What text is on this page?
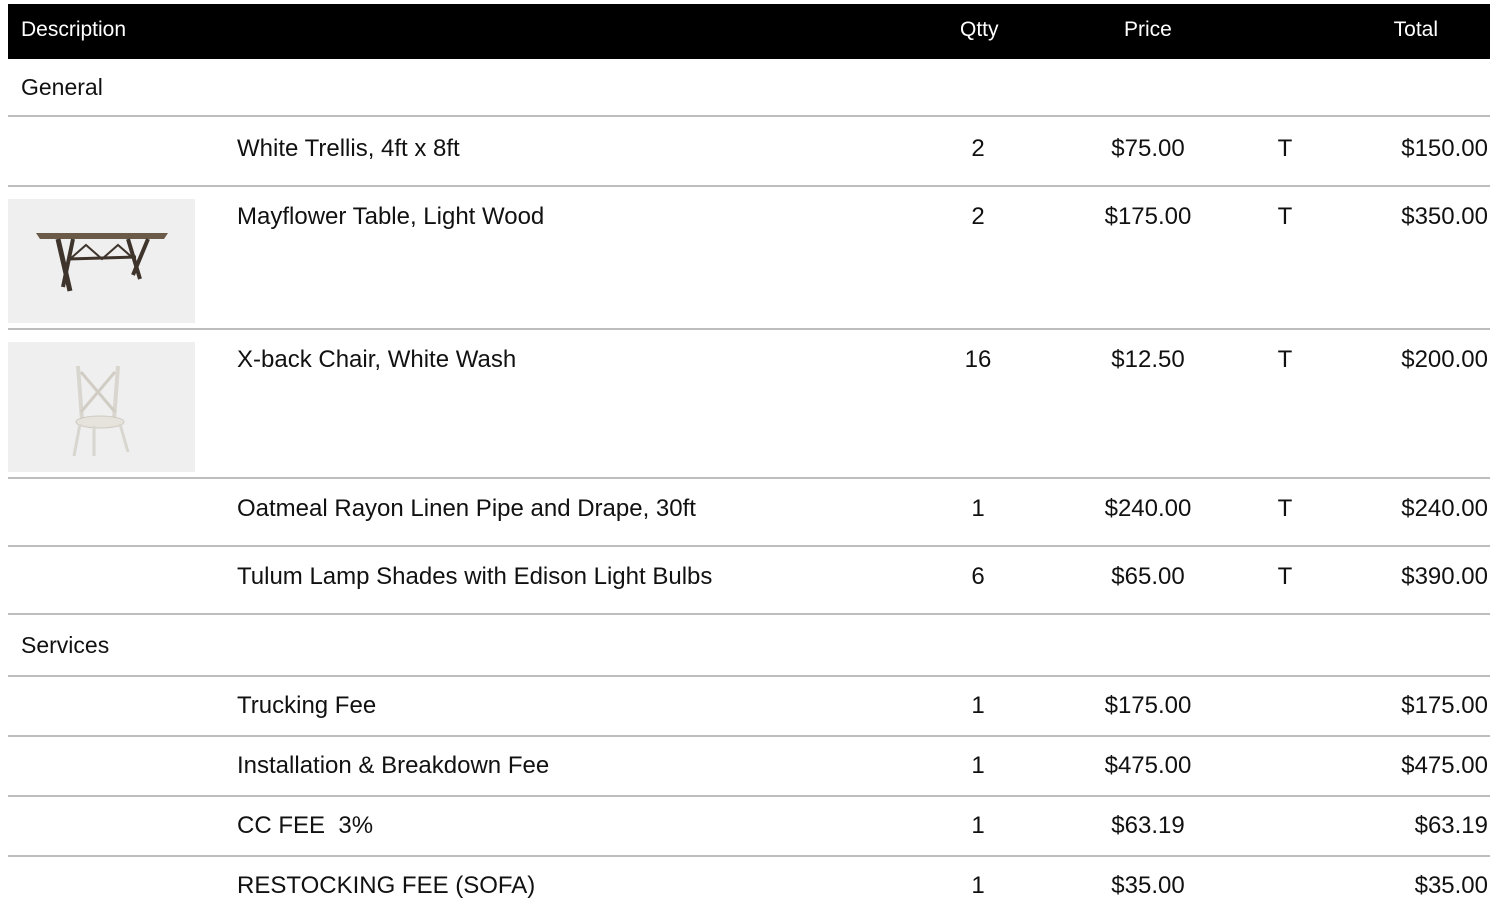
Description	Qtty	Price	Total
General
White Trellis, 4ft x 8ft	2	$75.00	T	$150.00
Mayflower Table, Light Wood	2	$175.00	T	$350.00
X-back Chair, White Wash	16	$12.50	T	$200.00
Oatmeal Rayon Linen Pipe and Drape, 30ft	1	$240.00	T	$240.00
Tulum Lamp Shades with Edison Light Bulbs	6	$65.00	T	$390.00
Services
Trucking Fee	1	$175.00	$175.00
Installation & Breakdown Fee	1	$475.00	$475.00
CC FEE  3%	1	$63.19	$63.19
RESTOCKING FEE (SOFA)	1	$35.00	$35.00
